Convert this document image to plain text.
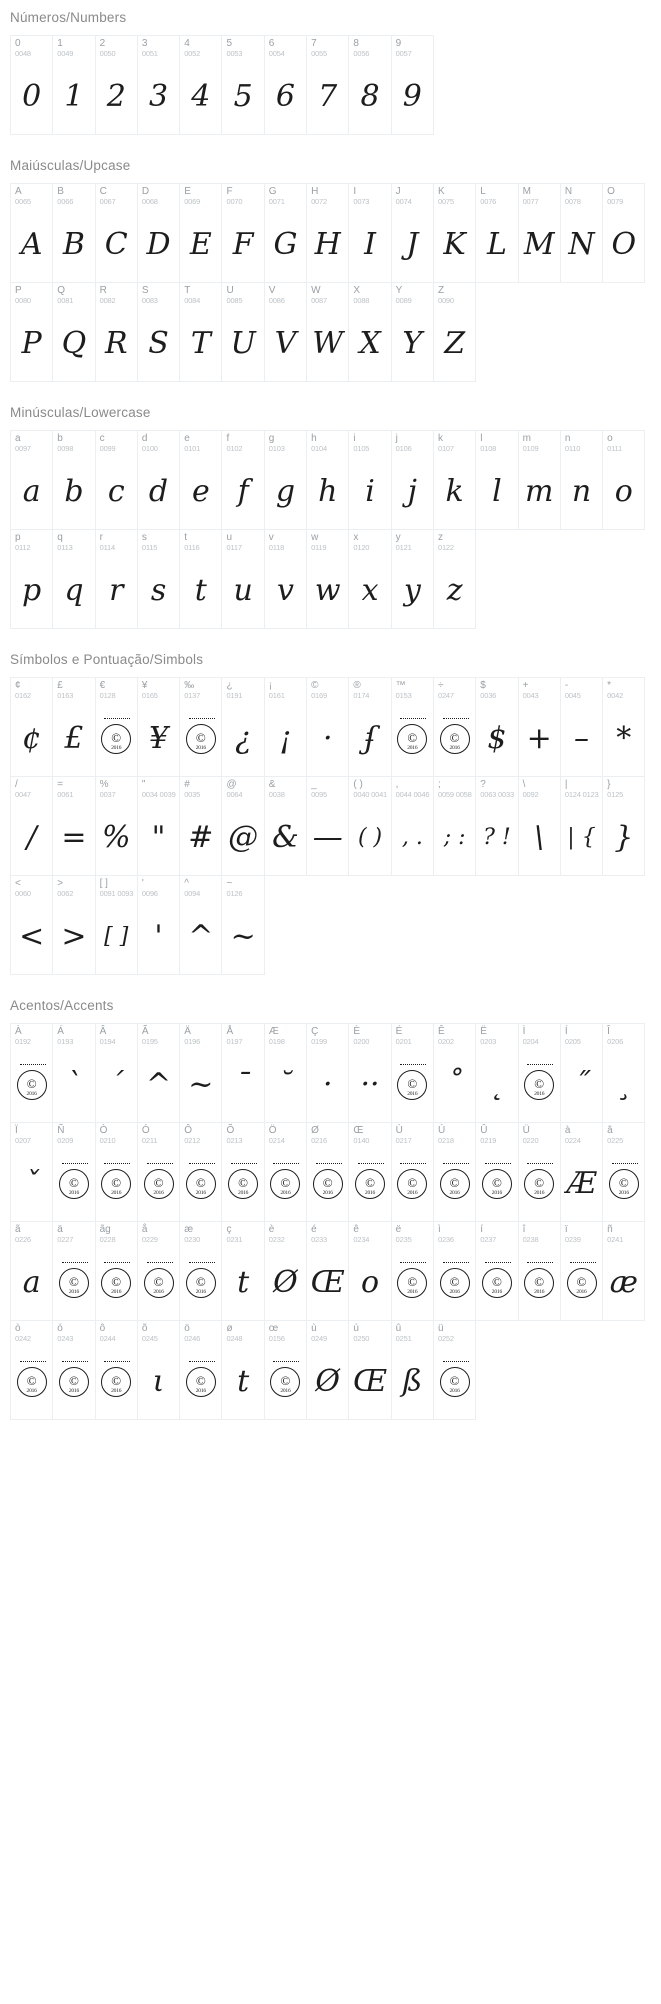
Números/Numbers
0
0048
0
1
0049
1
2
0050
2
3
0051
3
4
0052
4
5
0053
5
6
0054
6
7
0055
7
8
0056
8
9
0057
9
Maiúsculas/Upcase
A
0065
A
B
0066
B
C
0067
C
D
0068
D
E
0069
E
F
0070
F
G
0071
G
H
0072
H
I
0073
I
J
0074
J
K
0075
K
L
0076
L
M
0077
M
N
0078
N
O
0079
O
P
0080
P
Q
0081
Q
R
0082
R
S
0083
S
T
0084
T
U
0085
U
V
0086
V
W
0087
W
X
0088
X
Y
0089
Y
Z
0090
Z
Minúsculas/Lowercase
a
0097
a
b
0098
b
c
0099
c
d
0100
d
e
0101
e
f
0102
f
g
0103
g
h
0104
h
i
0105
i
j
0106
j
k
0107
k
l
0108
l
m
0109
m
n
0110
n
o
0111
o
p
0112
p
q
0113
q
r
0114
r
s
0115
s
t
0116
t
u
0117
u
v
0118
v
w
0119
w
x
0120
x
y
0121
y
z
0122
z
Símbolos e Pontuação/Simbols
¢
0162
¢
£
0163
£
€
0128
©
2016
¥
0165
¥
‰
0137
©
2016
¿
0191
¿
¡
0161
¡
©
0169
·
®
0174
ʄ
™
0153
©
2016
÷
0247
©
2016
$
0036
$
+
0043
+
-
0045
–
*
0042
*
/
0047
/
=
0061
=
%
0037
%
"
0034 0039
"
#
0035
#
@
0064
@
&
0038
&
_
0095
—
( )
0040 0041
( )
,
0044 0046
, .
;
0059 0058
; :
?
0063 0033
? !
\
0092
\
|
0124 0123
| {
}
0125
}
<
0060
<
>
0062
>
[ ]
0091 0093
[ ]
'
0096
'
^
0094
^
~
0126
~
Acentos/Accents
À
0192
©
2016
Á
0193
`
Â
0194
´
Ã
0195
^
Ä
0196
~
Å
0197
¯
Æ
0198
˘
Ç
0199
·
È
0200
··
É
0201
©
2016
Ê
0202
˚
Ë
0203
˛
Ì
0204
©
2016
Í
0205
˝
Î
0206
¸
Ï
0207
ˇ
Ñ
0209
©
2016
Ò
0210
©
2016
Ó
0211
©
2016
Ô
0212
©
2016
Õ
0213
©
2016
Ö
0214
©
2016
Ø
0216
©
2016
Œ
0140
©
2016
Ù
0217
©
2016
Ú
0218
©
2016
Û
0219
©
2016
Ü
0220
©
2016
à
0224
Æ
â
0225
©
2016
ã
0226
a
ä
0227
©
2016
ãg
0228
©
2016
å
0229
©
2016
æ
0230
©
2016
ç
0231
t
è
0232
Ø
é
0233
Œ
ê
0234
o
ë
0235
©
2016
ì
0236
©
2016
í
0237
©
2016
î
0238
©
2016
ï
0239
©
2016
ñ
0241
æ
ò
0242
©
2016
ó
0243
©
2016
ô
0244
©
2016
õ
0245
ι
ö
0246
©
2016
ø
0248
t
œ
0156
©
2016
ù
0249
Ø
ú
0250
Œ
û
0251
ß
ü
0252
©
2016
